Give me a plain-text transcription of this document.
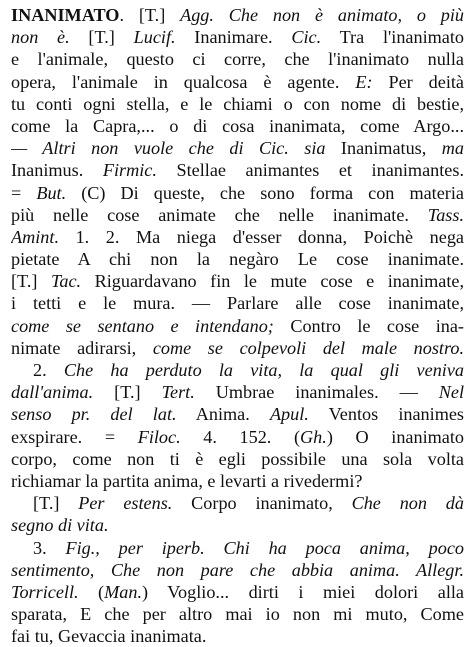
INANIMATO. [T.] Agg. Che non è animato, o più
non è. [T.] Lucif. Inanimare. Cic. Tra l'inanimato
e l'animale, questo ci corre, che l'inanimato nulla
opera, l'animale in qualcosa è agente. E: Per deità
tu conti ogni stella, e le chiami o con nome di bestie,
come la Capra,... o di cosa inanimata, come Argo...
— Altri non vuole che di Cic. sia Inanimatus, ma
Inanimus. Firmic. Stellae animantes et inanimantes.
= But. (C) Di queste, che sono forma con materia
più nelle cose animate che nelle inanimate. Tass.
Amint. 1. 2. Ma niega d'esser donna, Poichè nega
pietate A chi non la negàro Le cose inanimate.
[T.] Tac. Riguardavano fin le mute cose e inanimate,
i tetti e le mura. — Parlare alle cose inanimate,
come se sentano e intendano; Contro le cose ina-
nimate adirarsi, come se colpevoli del male nostro.
2. Che ha perduto la vita, la qual gli veniva
dall'anima. [T.] Tert. Umbrae inanimales. — Nel
senso pr. del lat. Anima. Apul. Ventos inanimes
exspirare. = Filoc. 4. 152. (Gh.) O inanimato
corpo, come non ti è egli possibile una sola volta
richiamar la partita anima, e levarti a rivedermi?
[T.] Per estens. Corpo inanimato, Che non dà
segno di vita.
3. Fig., per iperb. Chi ha poca anima, poco
sentimento, Che non pare che abbia anima. Allegr.
Torricell. (Man.) Voglio... dirti i miei dolori alla
sparata, E che per altro mai io non mi muto, Come
fai tu, Gevaccia inanimata.
